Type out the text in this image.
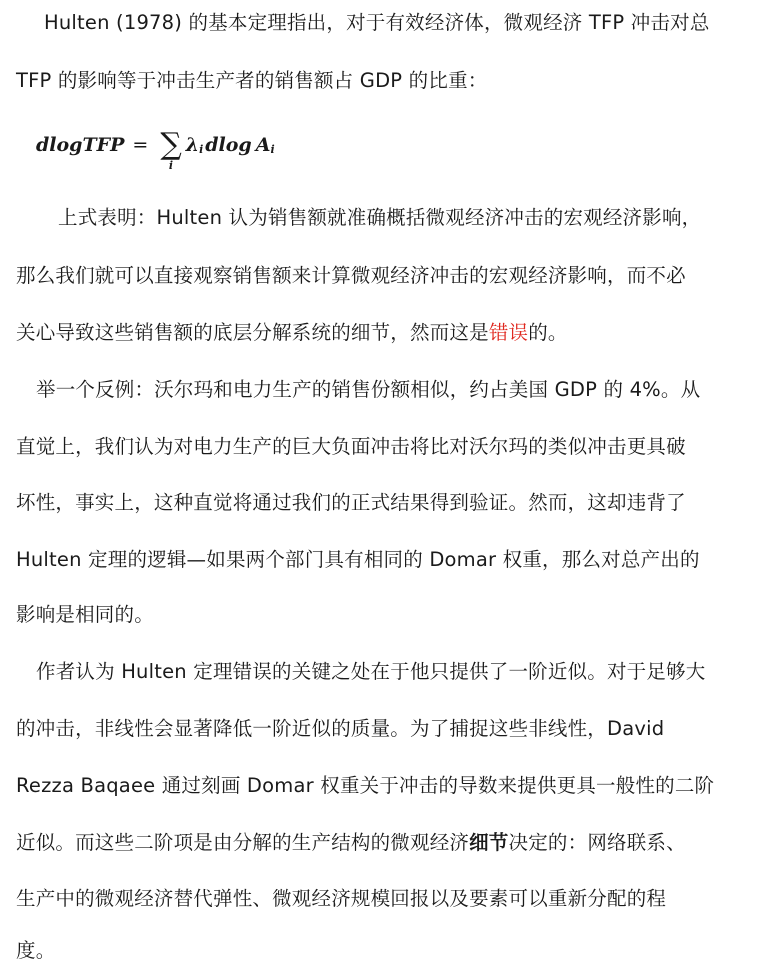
Hulten (1978) 的基本定理指出，对于有效经济体，微观经济 TFP 冲击对总
TFP 的影响等于冲击生产者的销售额占 GDP 的比重：
dlogTFP = ∑
i
λ i dlog A i
上式表明：Hulten 认为销售额就准确概括微观经济冲击的宏观经济影响，
那么我们就可以直接观察销售额来计算微观经济冲击的宏观经济影响，而不必
关心导致这些销售额的底层分解系统的细节，然而这是错误的。
举一个反例：沃尔玛和电力生产的销售份额相似，约占美国 GDP 的 4%。从
直觉上，我们认为对电力生产的巨大负面冲击将比对沃尔玛的类似冲击更具破
坏性，事实上，这种直觉将通过我们的正式结果得到验证。然而，这却违背了
Hulten 定理的逻辑—如果两个部门具有相同的 Domar 权重，那么对总产出的
影响是相同的。
作者认为 Hulten 定理错误的关键之处在于他只提供了一阶近似。对于足够大
的冲击，非线性会显著降低一阶近似的质量。为了捕捉这些非线性，David
Rezza Baqaee 通过刻画 Domar 权重关于冲击的导数来提供更具一般性的二阶
近似。而这些二阶项是由分解的生产结构的微观经济细节决定的：网络联系、
生产中的微观经济替代弹性、微观经济规模回报以及要素可以重新分配的程
度。
